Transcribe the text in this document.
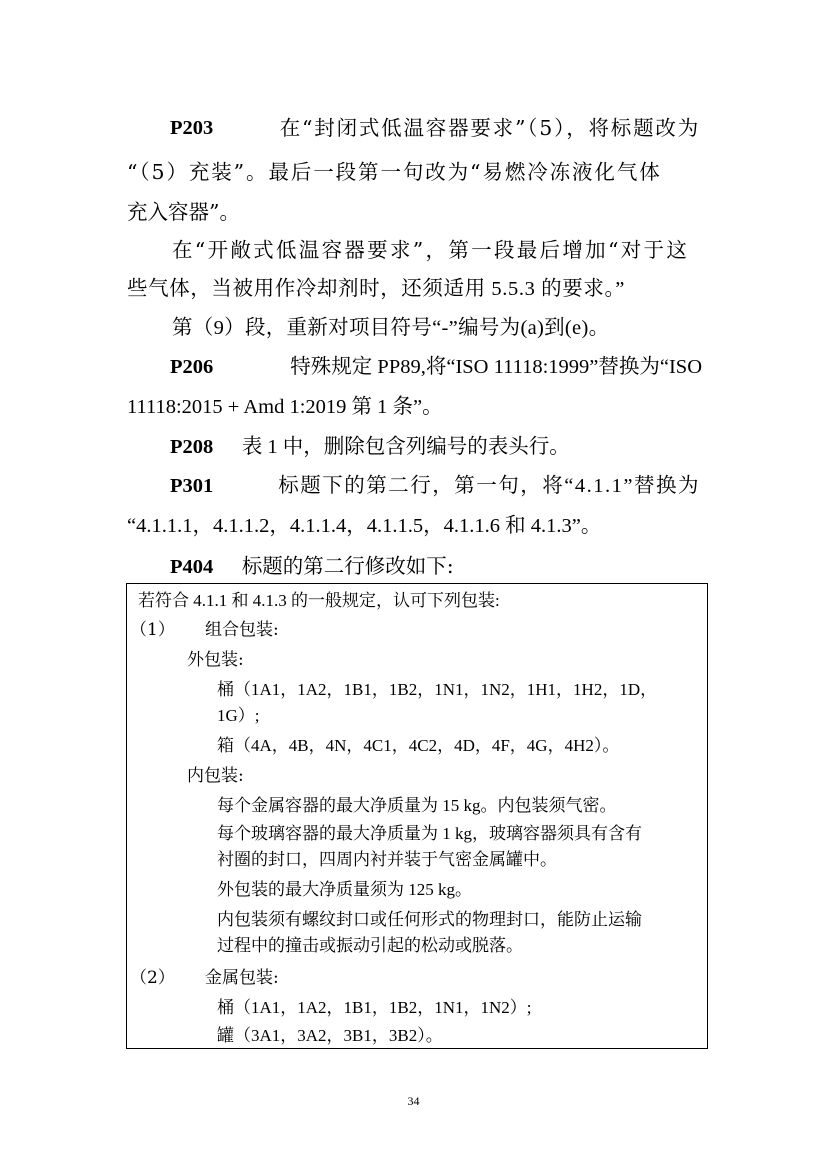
P203	在“封闭式低温容器要求”（5），将标题改为
“（5）充装”。最后一段第一句改为“易燃冷冻液化气体
充入容器”。
在“开敞式低温容器要求”，第一段最后增加“对于这
些气体，当被用作冷却剂时，还须适用 5.5.3 的要求。”
第（9）段，重新对项目符号“-”编号为(a)到(e)。
P206	特殊规定 PP89,将“ISO 11118:1999”替换为“ISO
11118:2015 + Amd 1:2019 第 1 条”。
P208 表 1 中，删除包含列编号的表头行。
P301	标题下的第二行，第一句，将“4.1.1”替换为
“4.1.1.1，4.1.1.2，4.1.1.4，4.1.1.5，4.1.1.6 和 4.1.3”。
P404 标题的第二行修改如下:
若符合 4.1.1 和 4.1.3 的一般规定，认可下列包装:
（1） 组合包装:
外包装:
桶（1A1，1A2，1B1，1B2，1N1，1N2，1H1，1H2，1D，
1G）;
箱（4A，4B，4N，4C1，4C2，4D，4F，4G，4H2）。
内包装:
每个金属容器的最大净质量为 15 kg。内包装须气密。
每个玻璃容器的最大净质量为 1 kg，玻璃容器须具有含有
衬圈的封口，四周内衬并装于气密金属罐中。
外包装的最大净质量须为 125 kg。
内包装须有螺纹封口或任何形式的物理封口，能防止运输
过程中的撞击或振动引起的松动或脱落。
（2） 金属包装:
桶（1A1，1A2，1B1，1B2，1N1，1N2）;
罐（3A1，3A2，3B1，3B2）。
34
